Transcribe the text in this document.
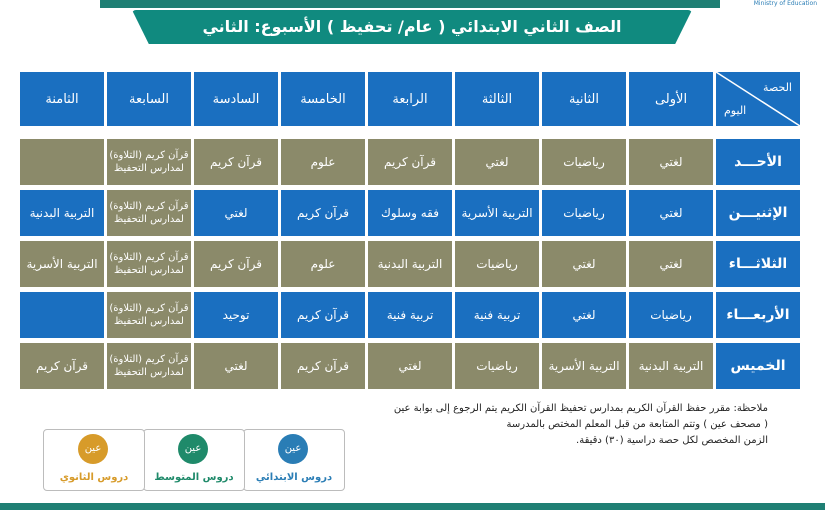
Ministry of Education
الصف الثاني الابتدائي ( عام/ تحفيظ ) الأسبوع: الثاني
الحصة
اليوم
الأولى
الثانية
الثالثة
الرابعة
الخامسة
السادسة
السابعة
الثامنة
الأحـــد
لغتي
رياضيات
لغتي
قرآن كريم
علوم
قرآن كريم
قرآن كريم (التلاوة) لمدارس التحفيظ
الإثنيـــن
لغتي
رياضيات
التربية الأسرية
فقه وسلوك
قرآن كريم
لغتي
قرآن كريم (التلاوة) لمدارس التحفيظ
التربية البدنية
الثلاثـــاء
لغتي
لغتي
رياضيات
التربية البدنية
علوم
قرآن كريم
قرآن كريم (التلاوة) لمدارس التحفيظ
التربية الأسرية
الأربعـــاء
رياضيات
لغتي
تربية فنية
تربية فنية
قرآن كريم
توحيد
قرآن كريم (التلاوة) لمدارس التحفيظ
الخميس
التربية البدنية
التربية الأسرية
رياضيات
لغتي
قرآن كريم
لغتي
قرآن كريم (التلاوة) لمدارس التحفيظ
قرآن كريم
ملاحظة: مقرر حفظ القرآن الكريم بمدارس تحفيظ القرآن الكريم يتم الرجوع إلى بوابة عين
( مصحف عين ) وتتم المتابعة من قبل المعلم المختص بالمدرسة
الزمن المخصص لكل حصة دراسية (٣٠) دقيقة.
عين
دروس الابتدائي
عين
دروس المتوسط
عين
دروس الثانوي
